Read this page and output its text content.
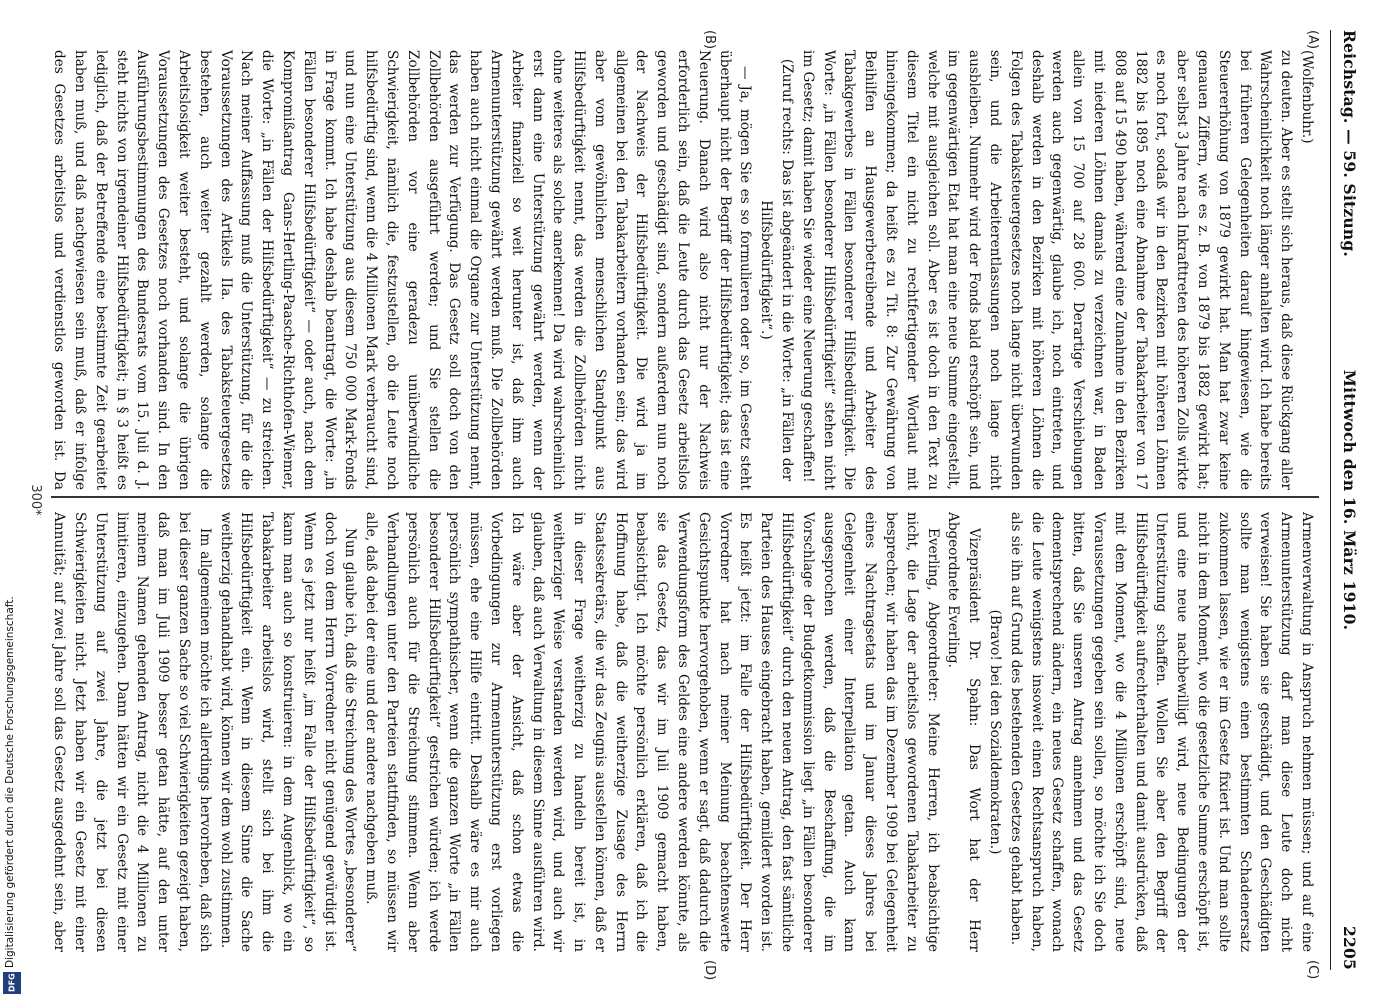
Reichstag. — 59. Sitzung.
Mittwoch den 16. März 1910.
2205
(A)
(B)
(C)
(D)

(Wolfenbuhr.)

zu deuten. Aber es stellt sich heraus, daß diese Rückgang aller Wahrscheinlichkeit noch länger anhalten wird. Ich habe bereits bei früheren Gelegenheiten darauf hingewiesen, wie die Steuererhöhung von 1879 gewirkt hat. Man hat zwar keine genauen Ziffern, wie es z. B. von 1879 bis 1882 gewirkt hat; aber selbst 3 Jahre nach Inkrafttreten des höheren Zolls wirkte es noch fort, sodaß wir in den Bezirken mit höheren Löhnen 1882 bis 1895 noch eine Abnahme der Tabakarbeiter von 17 808 auf 15 490 haben, während eine Zunahme in den Bezirken mit niederen Löhnen damals zu verzeichnen war, in Baden allein von 15 700 auf 28 600. Derartige Verschiebungen werden auch gegenwärtig, glaube ich, noch eintreten, und deshalb werden in den Bezirken mit höheren Löhnen die Folgen des Tabaksteuergesetzes noch lange nicht überwunden sein, und die Arbeiterentlassungen noch lange nicht ausbleiben. Nunmehr wird der Fonds bald erschöpft sein, und im gegenwärtigen Etat hat man eine neue Summe eingestellt, welche mit ausgleichen soll. Aber es ist doch in den Text zu diesem Titel ein nicht zu rechtfertigender Wortlaut mit hineingekommen; da heißt es zu Tit. 8: Zur Gewährung von Beihilfen an Hausgewerbetreibende und Arbeiter des Tabakgewerbes in Fällen besonderer Hilfsbedürftigkeit. Die Worte: „in Fällen besonderer Hilfsbedürftigkeit“ stehen nicht im Gesetz; damit haben Sie wieder eine Neuerung geschaffen!

(Zuruf rechts: Das ist abgeändert in die Worte: „in Fällen der Hilfsbedürftigkeit“.)

— Ja, mögen Sie es so formulieren oder so, im Gesetz steht überhaupt nicht der Begriff der Hilfsbedürftigkeit; das ist eine Neuerung. Danach wird also nicht nur der Nachweis erforderlich sein, daß die Leute durch das Gesetz arbeitslos geworden und geschädigt sind, sondern außerdem nun noch der Nachweis der Hilfsbedürftigkeit. Die wird ja im allgemeinen bei den Tabakarbeitern vorhanden sein; das wird aber vom gewöhnlichen menschlichen Standpunkt aus Hilfsbedürftigkeit nennt, das werden die Zollbehörden nicht ohne weiteres als solche anerkennen! Da wird wahrscheinlich erst dann eine Unterstützung gewährt werden, wenn der Arbeiter finanziell so weit herunter ist, daß ihm auch Armenunterstützung gewährt werden muß. Die Zollbehörden haben auch nicht einmal die Organe zur Unterstützung nennt, das werden zur Verfügung. Das Gesetz soll doch von den Zollbehörden ausgeführt werden; und Sie stellen die Zollbehörden vor eine geradezu unüberwindliche Schwierigkeit, nämlich die, festzustellen, ob die Leute noch hilfsbedürftig sind, wenn die 4 Millionen Mark verbraucht sind, und nun eine Unterstützung aus diesem 750 000 Mark-Fonds in Frage kommt. Ich habe deshalb beantragt, die Worte: „in Fällen besonderer Hilfsbedürftigkeit“ — oder auch, nach dem Kompromißantrag Gans-Hertling-Paasche-Richthofen-Wiemer, die Worte: „in Fällen der Hilfsbedürftigkeit“ — zu streichen. Nach meiner Auffassung muß die Unterstützung, für die die Voraussetzungen des Artikels IIa. des Tabaksteuergesetzes bestehen, auch weiter gezahlt werden, solange die Arbeitslosigkeit weiter besteht, und solange die übrigen Voraussetzungen des Gesetzes noch vorhanden sind. In den Ausführungsbestimmungen des Bundesrats vom 15. Juli d. J. steht nichts von irgendeiner Hilfsbedürftigkeit; in § 3 heißt es lediglich, daß der Betreffende eine bestimmte Zeit gearbeitet haben muß, und daß nachgewiesen sein muß, daß er infolge des Gesetzes arbeitslos und verdienstlos geworden ist. Da

Armenverwaltung in Anspruch nehmen müssen; und auf eine Armenunterstützung darf man diese Leute doch nicht verweisen! Sie haben sie geschädigt, und den Geschädigten sollte man wenigstens einen bestimmten Schadenersatz zukommen lassen, wie er im Gesetz fixiert ist. Und man sollte nicht in dem Moment, wo die gesetzliche Summe erschöpft ist, und eine neue nachbewilligt wird, neue Bedingungen der Unterstützung schaffen. Wollen Sie aber den Begriff der Hilfsbedürftigkeit aufrechterhalten und damit ausdrücken, daß mit dem Moment, wo die 4 Millionen erschöpft sind, neue Voraussetzungen gegeben sein sollen, so möchte ich Sie doch bitten, daß Sie unseren Antrag annehmen und das Gesetz dementsprechend ändern, ein neues Gesetz schaffen, wonach die Leute wenigstens insoweit einen Rechtsanspruch haben, als sie ihn auf Grund des bestehenden Gesetzes gehabt haben.

(Bravo! bei den Sozialdemokraten.)

Vizepräsident Dr. Spahn: Das Wort hat der Herr Abgeordnete Everling.

Everling, Abgeordneter: Meine Herren, ich beabsichtige nicht, die Lage der arbeitslos gewordenen Tabakarbeiter zu besprechen; wir haben das im Dezember 1909 bei Gelegenheit eines Nachtragsetats und im Januar dieses Jahres bei Gelegenheit einer Interpellation getan. Auch kann ausgesprochen werden, daß die Beschaffung, die im Vorschlage der Budgetkommission liegt „in Fällen besonderer Hilfsbedürftigkeit“ durch den neuen Antrag, den fast sämtliche Parteien des Hauses eingebracht haben, gemildert worden ist. Es heißt jetzt: im Falle der Hilfsbedürftigkeit. Der Herr Vorredner hat nach meiner Meinung beachtenswerte Gesichtspunkte hervorgehoben, wenn er sagt, daß dadurch die Verwendungsform des Geldes eine andere werden könnte, als sie das Gesetz, das wir im Juli 1909 gemacht haben, beabsichtigt. Ich möchte persönlich erklären, daß ich die Hoffnung habe, daß die weitherzige Zusage des Herrn Staatssekretärs, die wir das Zeugnis ausstellen können, daß er in dieser Frage weitherzig zu handeln bereit ist, in weitherziger Weise verstanden werden wird, und auch wir glauben, daß auch Verwaltung in diesem Sinne ausführen wird. Ich wäre aber der Ansicht, daß schon etwas die Vorbedingungen zur Armenunterstützung erst vorliegen müssen, ehe eine Hilfe eintritt. Deshalb wäre es mir auch persönlich sympathischer, wenn die ganzen Worte „in Fällen besonderer Hilfsbedürftigkeit“ gestrichen würden; ich werde persönlich auch für die Streichung stimmen. Wenn aber Verhandlungen unter den Parteien stattfinden, so müssen wir alle, daß dabei der eine und der andere nachgeben muß.

Nun glaube ich, daß die Streichung des Wortes „besonderer“ doch von dem Herrn Vorredner nicht genügend gewürdigt ist. Wenn es jetzt nur heißt „im Falle der Hilfsbedürftigkeit“, so kann man auch so konstruieren: in dem Augenblick, wo ein Tabakarbeiter arbeitslos wird, stellt sich bei ihm die Hilfsbedürftigkeit ein. Wenn in diesem Sinne die Sache weitherzig gehandhabt wird, können wir dem wohl zustimmen.

Im allgemeinen möchte ich allerdings hervorheben, daß sich bei dieser ganzen Sache so viel Schwierigkeiten gezeigt haben, daß man im Juli 1909 besser getan hätte, auf den unter meinem Namen gehenden Antrag, nicht die 4 Millionen zu limitieren, einzugehen. Dann hätten wir ein Gesetz mit einer Unterstützung auf zwei Jahre, die jetzt bei diesen Schwierigkeiten nicht. Jetzt haben wir ein Gesetz mit einer Annuität; auf zwei Jahre soll das Gesetz ausgedehnt sein, aber

300*
Digitalisierung gefördert durch die Deutsche Forschungsgemeinschaft.
DFG
